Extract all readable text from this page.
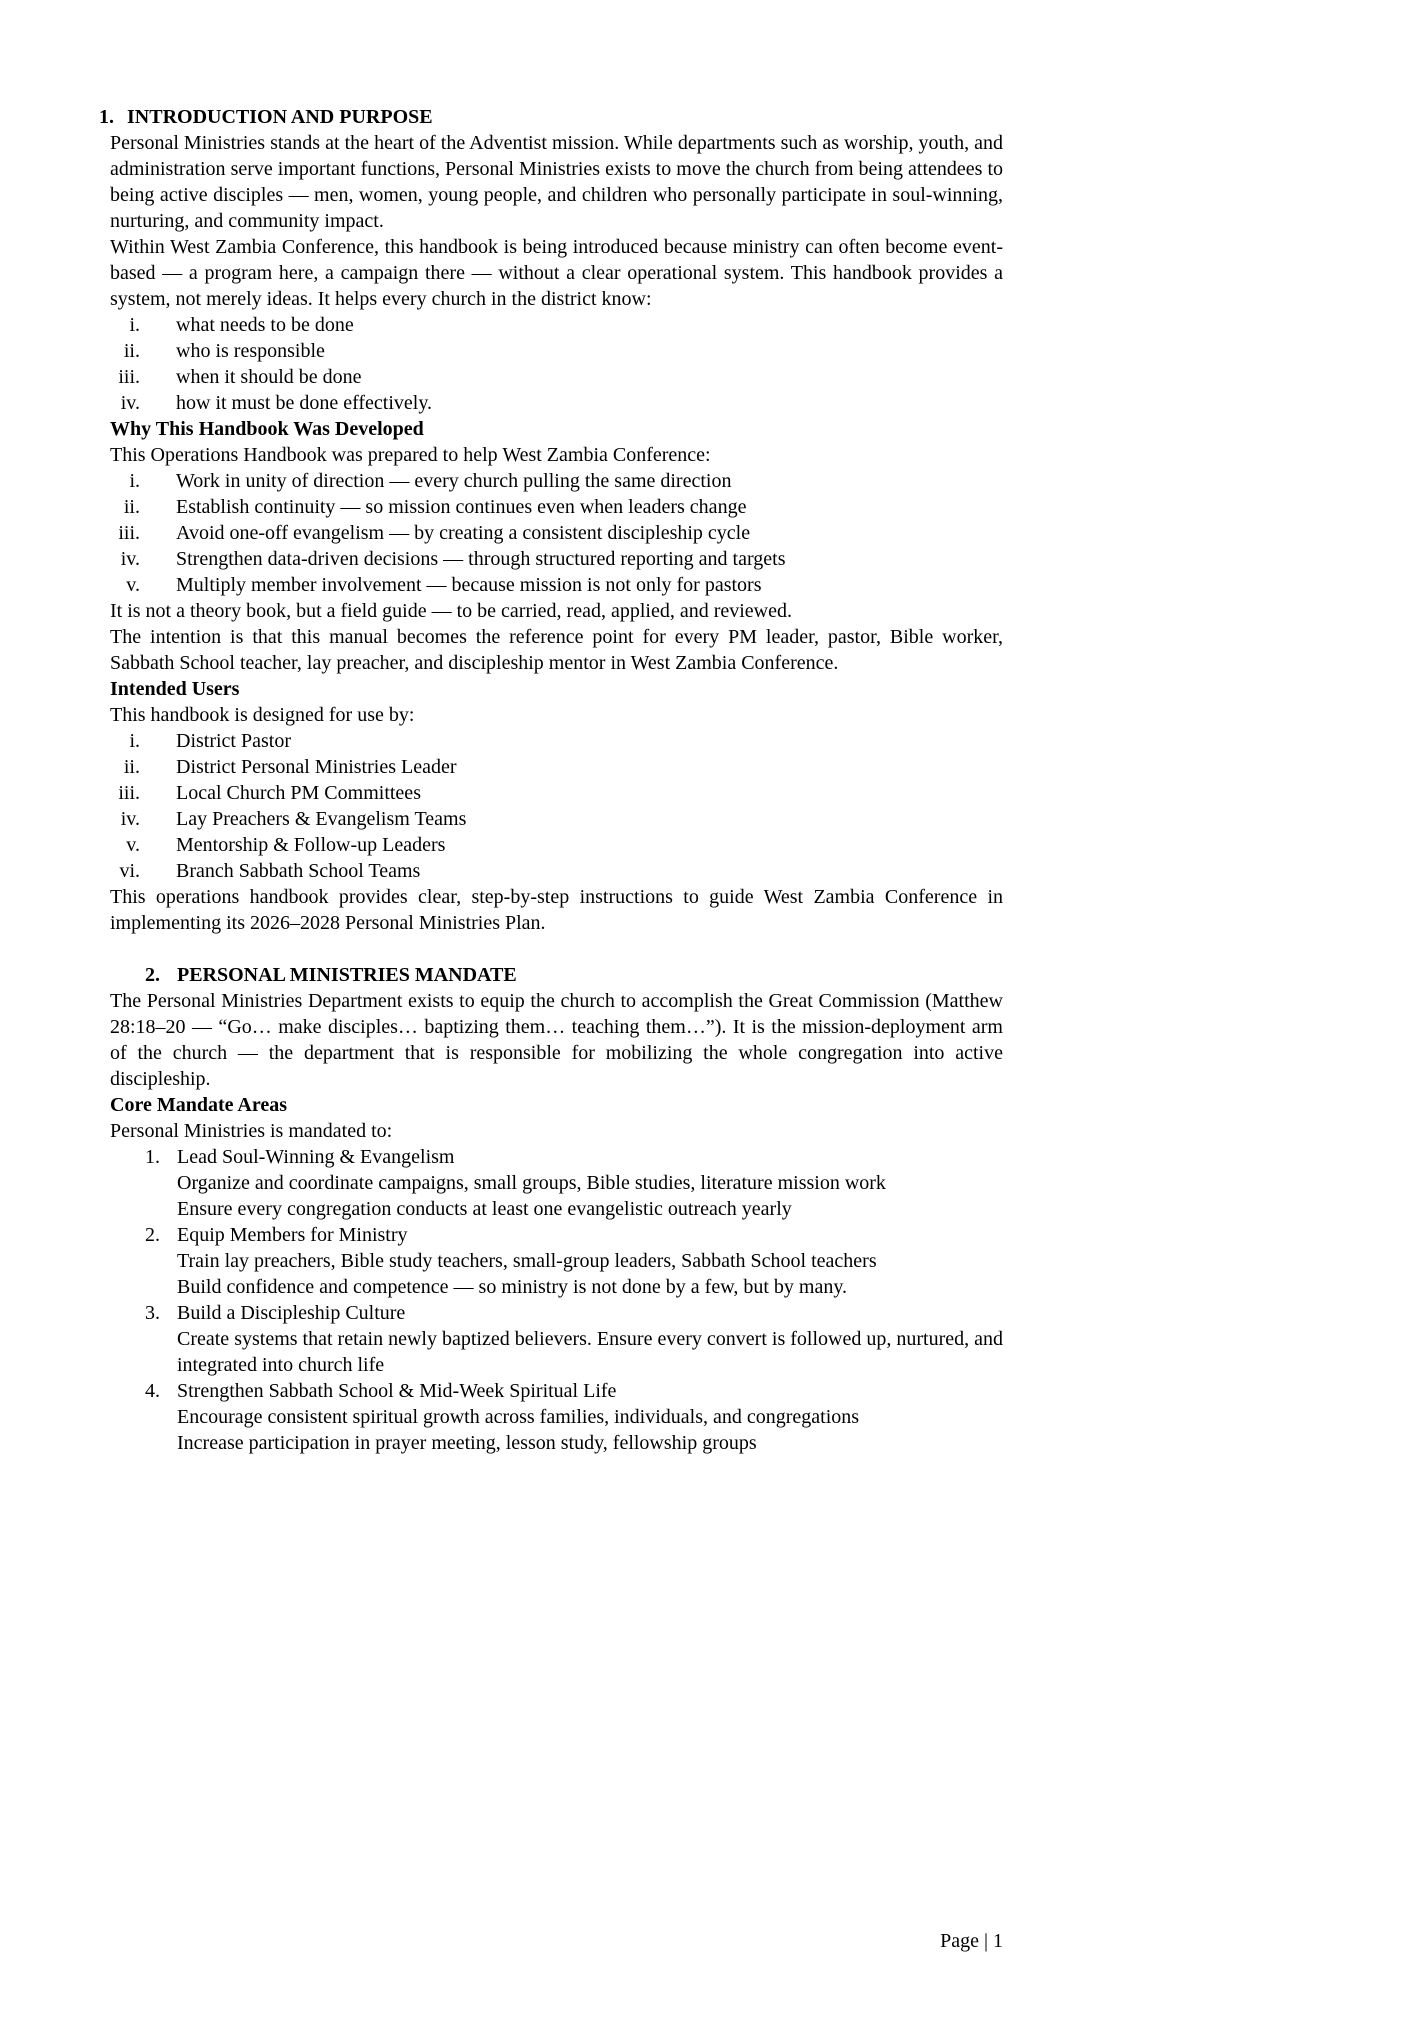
1. INTRODUCTION AND PURPOSE

Personal Ministries stands at the heart of the Adventist mission. While departments such as worship, youth, and administration serve important functions, Personal Ministries exists to move the church from being attendees to being active disciples — men, women, young people, and children who personally participate in soul-winning, nurturing, and community impact.

Within West Zambia Conference, this handbook is being introduced because ministry can often become event-based — a program here, a campaign there — without a clear operational system. This handbook provides a system, not merely ideas. It helps every church in the district know:

i. what needs to be done
ii. who is responsible
iii. when it should be done
iv. how it must be done effectively.
Why This Handbook Was Developed

This Operations Handbook was prepared to help West Zambia Conference:

i. Work in unity of direction — every church pulling the same direction
ii. Establish continuity — so mission continues even when leaders change
iii. Avoid one-off evangelism — by creating a consistent discipleship cycle
iv. Strengthen data-driven decisions — through structured reporting and targets
v. Multiply member involvement — because mission is not only for pastors

It is not a theory book, but a field guide — to be carried, read, applied, and reviewed.

The intention is that this manual becomes the reference point for every PM leader, pastor, Bible worker, Sabbath School teacher, lay preacher, and discipleship mentor in West Zambia Conference.

Intended Users

This handbook is designed for use by:

i. District Pastor
ii. District Personal Ministries Leader
iii. Local Church PM Committees
iv. Lay Preachers & Evangelism Teams
v. Mentorship & Follow-up Leaders
vi. Branch Sabbath School Teams

This operations handbook provides clear, step-by-step instructions to guide West Zambia Conference in implementing its 2026–2028 Personal Ministries Plan.

2. PERSONAL MINISTRIES MANDATE

The Personal Ministries Department exists to equip the church to accomplish the Great Commission (Matthew 28:18–20 — “Go… make disciples… baptizing them… teaching them…”). It is the mission-deployment arm of the church — the department that is responsible for mobilizing the whole congregation into active discipleship.

Core Mandate Areas

Personal Ministries is mandated to:

1. Lead Soul-Winning & Evangelism
Organize and coordinate campaigns, small groups, Bible studies, literature mission work
Ensure every congregation conducts at least one evangelistic outreach yearly
2. Equip Members for Ministry
Train lay preachers, Bible study teachers, small-group leaders, Sabbath School teachers
Build confidence and competence — so ministry is not done by a few, but by many.
3. Build a Discipleship Culture
Create systems that retain newly baptized believers. Ensure every convert is followed up, nurtured, and integrated into church life
4. Strengthen Sabbath School & Mid-Week Spiritual Life
Encourage consistent spiritual growth across families, individuals, and congregations
Increase participation in prayer meeting, lesson study, fellowship groups
Page | 1
